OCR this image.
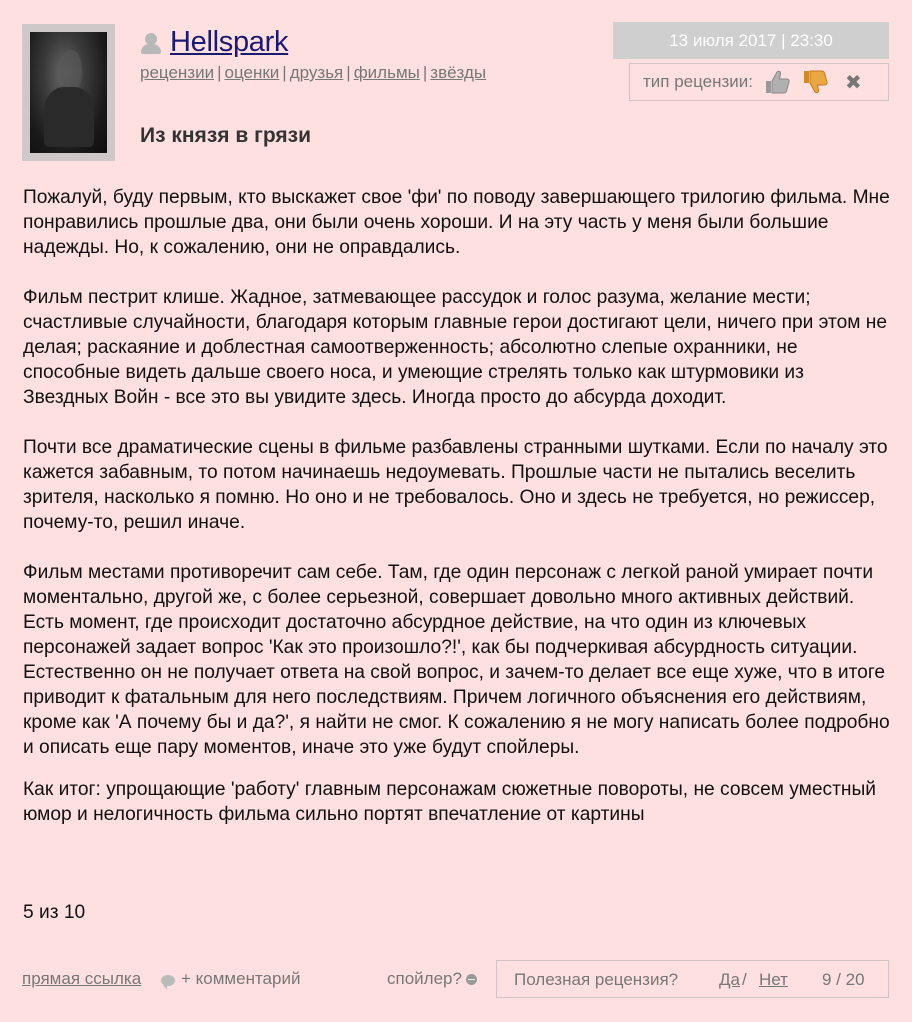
Hellspark
рецензии | оценки | друзья | фильмы | звёзды
13 июля 2017 | 23:30
тип рецензии:	✖
Из князя в грязи

Пожалуй, буду первым, кто выскажет свое 'фи' по поводу завершающего трилогию фильма. Мне понравились прошлые два, они были очень хороши. И на эту часть у меня были большие надежды. Но, к сожалению, они не оправдались.

Фильм пестрит клише. Жадное, затмевающее рассудок и голос разума, желание мести; счастливые случайности, благодаря которым главные герои достигают цели, ничего при этом не делая; раскаяние и доблестная самоотверженность; абсолютно слепые охранники, не способные видеть дальше своего носа, и умеющие стрелять только как штурмовики из Звездных Войн - все это вы увидите здесь. Иногда просто до абсурда доходит.

Почти все драматические сцены в фильме разбавлены странными шутками. Если по началу это кажется забавным, то потом начинаешь недоумевать. Прошлые части не пытались веселить зрителя, насколько я помню. Но оно и не требовалось. Оно и здесь не требуется, но режиссер, почему-то, решил иначе.

Фильм местами противоречит сам себе. Там, где один персонаж с легкой раной умирает почти моментально, другой же, с более серьезной, совершает довольно много активных действий. Есть момент, где происходит достаточно абсурдное действие, на что один из ключевых персонажей задает вопрос 'Как это произошло?!', как бы подчеркивая абсурдность ситуации. Естественно он не получает ответа на свой вопрос, и зачем-то делает все еще хуже, что в итоге приводит к фатальным для него последствиям. Причем логичного объяснения его действиям, кроме как 'А почему бы и да?', я найти не смог. К сожалению я не могу написать более подробно и описать еще пару моментов, иначе это уже будут спойлеры.

Как итог: упрощающие 'работу' главным персонажам сюжетные повороты, не совсем уместный юмор и нелогичность фильма сильно портят впечатление от картины

5 из 10
прямая ссылка + комментарий	спойлер?	Полезная рецензия? Да / Нет 9 / 20
